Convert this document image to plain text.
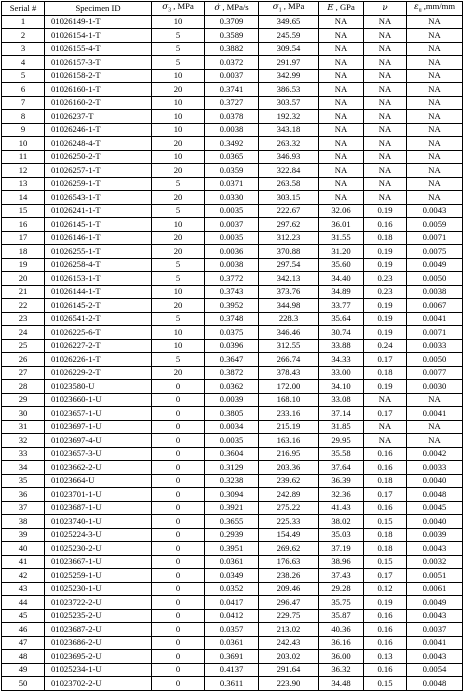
Serial #	Specimen ID	$\sigma_3$ , MPa	σ̇ , MPa/s	$\sigma_1$ , MPa	E , GPa	ν	$\varepsilon_u$ ,mm/mm
1	01026149-1-T	10	0.3709	349.65	NA	NA	NA
2	01026154-1-T	5	0.3589	245.59	NA	NA	NA
3	01026155-4-T	5	0.3882	309.54	NA	NA	NA
4	01026157-3-T	5	0.0372	291.97	NA	NA	NA
5	01026158-2-T	10	0.0037	342.99	NA	NA	NA
6	01026160-1-T	20	0.3741	386.53	NA	NA	NA
7	01026160-2-T	10	0.3727	303.57	NA	NA	NA
8	01026237-T	10	0.0378	192.32	NA	NA	NA
9	01026246-1-T	10	0.0038	343.18	NA	NA	NA
10	01026248-4-T	20	0.3492	263.32	NA	NA	NA
11	01026250-2-T	10	0.0365	346.93	NA	NA	NA
12	01026257-1-T	20	0.0359	322.84	NA	NA	NA
13	01026259-1-T	5	0.0371	263.58	NA	NA	NA
14	01026543-1-T	20	0.0330	303.15	NA	NA	NA
15	01026241-1-T	5	0.0035	222.67	32.06	0.19	0.0043
16	01026145-1-T	10	0.0037	297.62	36.01	0.16	0.0059
17	01026146-1-T	20	0.0035	312.23	31.55	0.18	0.0071
18	01026255-1-T	20	0.0036	370.88	31.20	0.19	0.0075
19	01026258-4-T	5	0.0038	297.54	35.60	0.19	0.0049
20	01026153-1-T	5	0.3772	342.13	34.40	0.23	0.0050
21	01026144-1-T	10	0.3743	373.76	34.89	0.23	0.0038
22	01026145-2-T	20	0.3952	344.98	33.77	0.19	0.0067
23	01026541-2-T	5	0.3748	228.3	35.64	0.19	0.0041
24	01026225-6-T	10	0.0375	346.46	30.74	0.19	0.0071
25	01026227-2-T	10	0.0396	312.55	33.88	0.24	0.0033
26	01026226-1-T	5	0.3647	266.74	34.33	0.17	0.0050
27	01026229-2-T	20	0.3872	378.43	33.00	0.18	0.0077
28	01023580-U	0	0.0362	172.00	34.10	0.19	0.0030
29	01023660-1-U	0	0.0039	168.10	33.08	NA	NA
30	01023657-1-U	0	0.3805	233.16	37.14	0.17	0.0041
31	01023697-1-U	0	0.0034	215.19	31.85	NA	NA
32	01023697-4-U	0	0.0035	163.16	29.95	NA	NA
33	01023657-3-U	0	0.3604	216.95	35.58	0.16	0.0042
34	01023662-2-U	0	0.3129	203.36	37.64	0.16	0.0033
35	01023664-U	0	0.3238	239.62	36.39	0.18	0.0040
36	01023701-1-U	0	0.3094	242.89	32.36	0.17	0.0048
37	01023687-1-U	0	0.3921	275.22	41.43	0.16	0.0045
38	01023740-1-U	0	0.3655	225.33	38.02	0.15	0.0040
39	01025224-3-U	0	0.2939	154.49	35.03	0.18	0.0039
40	01025230-2-U	0	0.3951	269.62	37.19	0.18	0.0043
41	01023667-1-U	0	0.0361	176.63	38.96	0.15	0.0032
42	01025259-1-U	0	0.0349	238.26	37.43	0.17	0.0051
43	01025230-1-U	0	0.0352	209.46	29.28	0.12	0.0061
44	01023722-2-U	0	0.0417	296.47	35.75	0.19	0.0049
45	01025235-2-U	0	0.0412	229.75	35.87	0.16	0.0043
46	01023687-2-U	0	0.0357	213.02	40.36	0.16	0.0037
47	01023686-2-U	0	0.0361	242.43	36.16	0.16	0.0041
48	01023695-2-U	0	0.3691	203.02	36.00	0.13	0.0043
49	01025234-1-U	0	0.4137	291.64	36.32	0.16	0.0054
50	01023702-2-U	0	0.3611	223.90	34.48	0.15	0.0048
